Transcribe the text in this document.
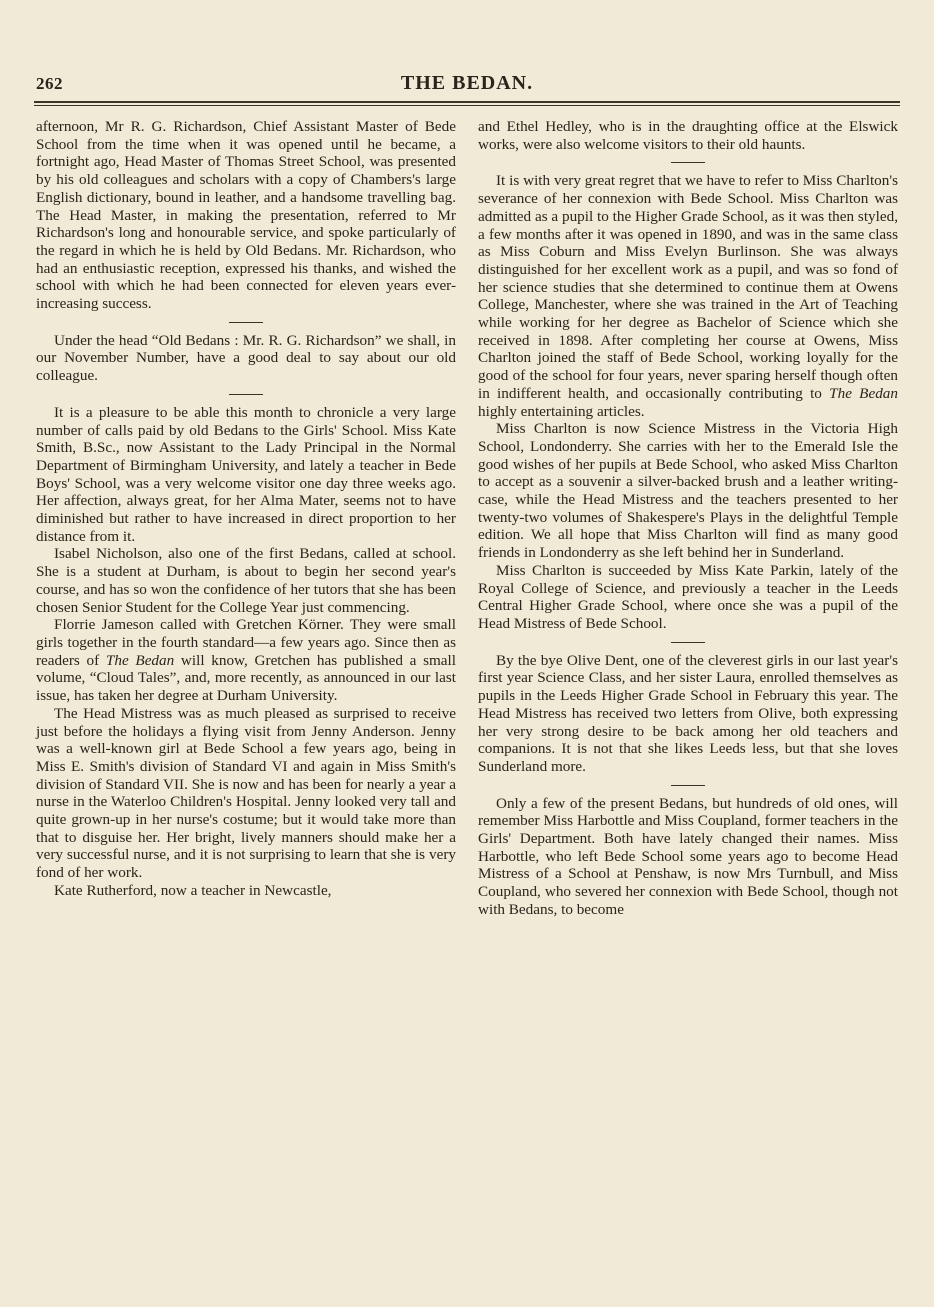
262	THE BEDAN.

afternoon, Mr R. G. Richardson, Chief Assistant Master of Bede School from the time when it was opened until he became, a fortnight ago, Head Master of Thomas Street School, was presented by his old colleagues and scholars with a copy of Chambers's large English dictionary, bound in leather, and a handsome travelling bag. The Head Master, in making the presentation, referred to Mr Richardson's long and honourable service, and spoke particularly of the regard in which he is held by Old Bedans. Mr. Richardson, who had an enthusiastic reception, expressed his thanks, and wished the school with which he had been connected for eleven years ever-increasing success.

Under the head “Old Bedans : Mr. R. G. Richardson” we shall, in our November Number, have a good deal to say about our old colleague.

It is a pleasure to be able this month to chronicle a very large number of calls paid by old Bedans to the Girls' School. Miss Kate Smith, B.Sc., now Assistant to the Lady Principal in the Normal Department of Birmingham University, and lately a teacher in Bede Boys' School, was a very welcome visitor one day three weeks ago. Her affection, always great, for her Alma Mater, seems not to have diminished but rather to have increased in direct proportion to her distance from it.

Isabel Nicholson, also one of the first Bedans, called at school. She is a student at Durham, is about to begin her second year's course, and has so won the confidence of her tutors that she has been chosen Senior Student for the College Year just commencing.

Florrie Jameson called with Gretchen Körner. They were small girls together in the fourth standard—a few years ago. Since then as readers of The Bedan will know, Gretchen has published a small volume, “Cloud Tales”, and, more recently, as announced in our last issue, has taken her degree at Durham University.

The Head Mistress was as much pleased as surprised to receive just before the holidays a flying visit from Jenny Anderson. Jenny was a well-known girl at Bede School a few years ago, being in Miss E. Smith's division of Standard VI and again in Miss Smith's division of Standard VII. She is now and has been for nearly a year a nurse in the Waterloo Children's Hospital. Jenny looked very tall and quite grown-up in her nurse's costume; but it would take more than that to disguise her. Her bright, lively manners should make her a very successful nurse, and it is not surprising to learn that she is very fond of her work.

Kate Rutherford, now a teacher in Newcastle,

and Ethel Hedley, who is in the draughting office at the Elswick works, were also welcome visitors to their old haunts.

It is with very great regret that we have to refer to Miss Charlton's severance of her connexion with Bede School. Miss Charlton was admitted as a pupil to the Higher Grade School, as it was then styled, a few months after it was opened in 1890, and was in the same class as Miss Coburn and Miss Evelyn Burlinson. She was always distinguished for her excellent work as a pupil, and was so fond of her science studies that she determined to continue them at Owens College, Manchester, where she was trained in the Art of Teaching while working for her degree as Bachelor of Science which she received in 1898. After completing her course at Owens, Miss Charlton joined the staff of Bede School, working loyally for the good of the school for four years, never sparing herself though often in indifferent health, and occasionally contributing to The Bedan highly entertaining articles.

Miss Charlton is now Science Mistress in the Victoria High School, Londonderry. She carries with her to the Emerald Isle the good wishes of her pupils at Bede School, who asked Miss Charlton to accept as a souvenir a silver-backed brush and a leather writing-case, while the Head Mistress and the teachers presented to her twenty-two volumes of Shakespere's Plays in the delightful Temple edition. We all hope that Miss Charlton will find as many good friends in Londonderry as she left behind her in Sunderland.

Miss Charlton is succeeded by Miss Kate Parkin, lately of the Royal College of Science, and previously a teacher in the Leeds Central Higher Grade School, where once she was a pupil of the Head Mistress of Bede School.

By the bye Olive Dent, one of the cleverest girls in our last year's first year Science Class, and her sister Laura, enrolled themselves as pupils in the Leeds Higher Grade School in February this year. The Head Mistress has received two letters from Olive, both expressing her very strong desire to be back among her old teachers and companions. It is not that she likes Leeds less, but that she loves Sunderland more.

Only a few of the present Bedans, but hundreds of old ones, will remember Miss Harbottle and Miss Coupland, former teachers in the Girls' Department. Both have lately changed their names. Miss Harbottle, who left Bede School some years ago to become Head Mistress of a School at Penshaw, is now Mrs Turnbull, and Miss Coupland, who severed her connexion with Bede School, though not with Bedans, to become
